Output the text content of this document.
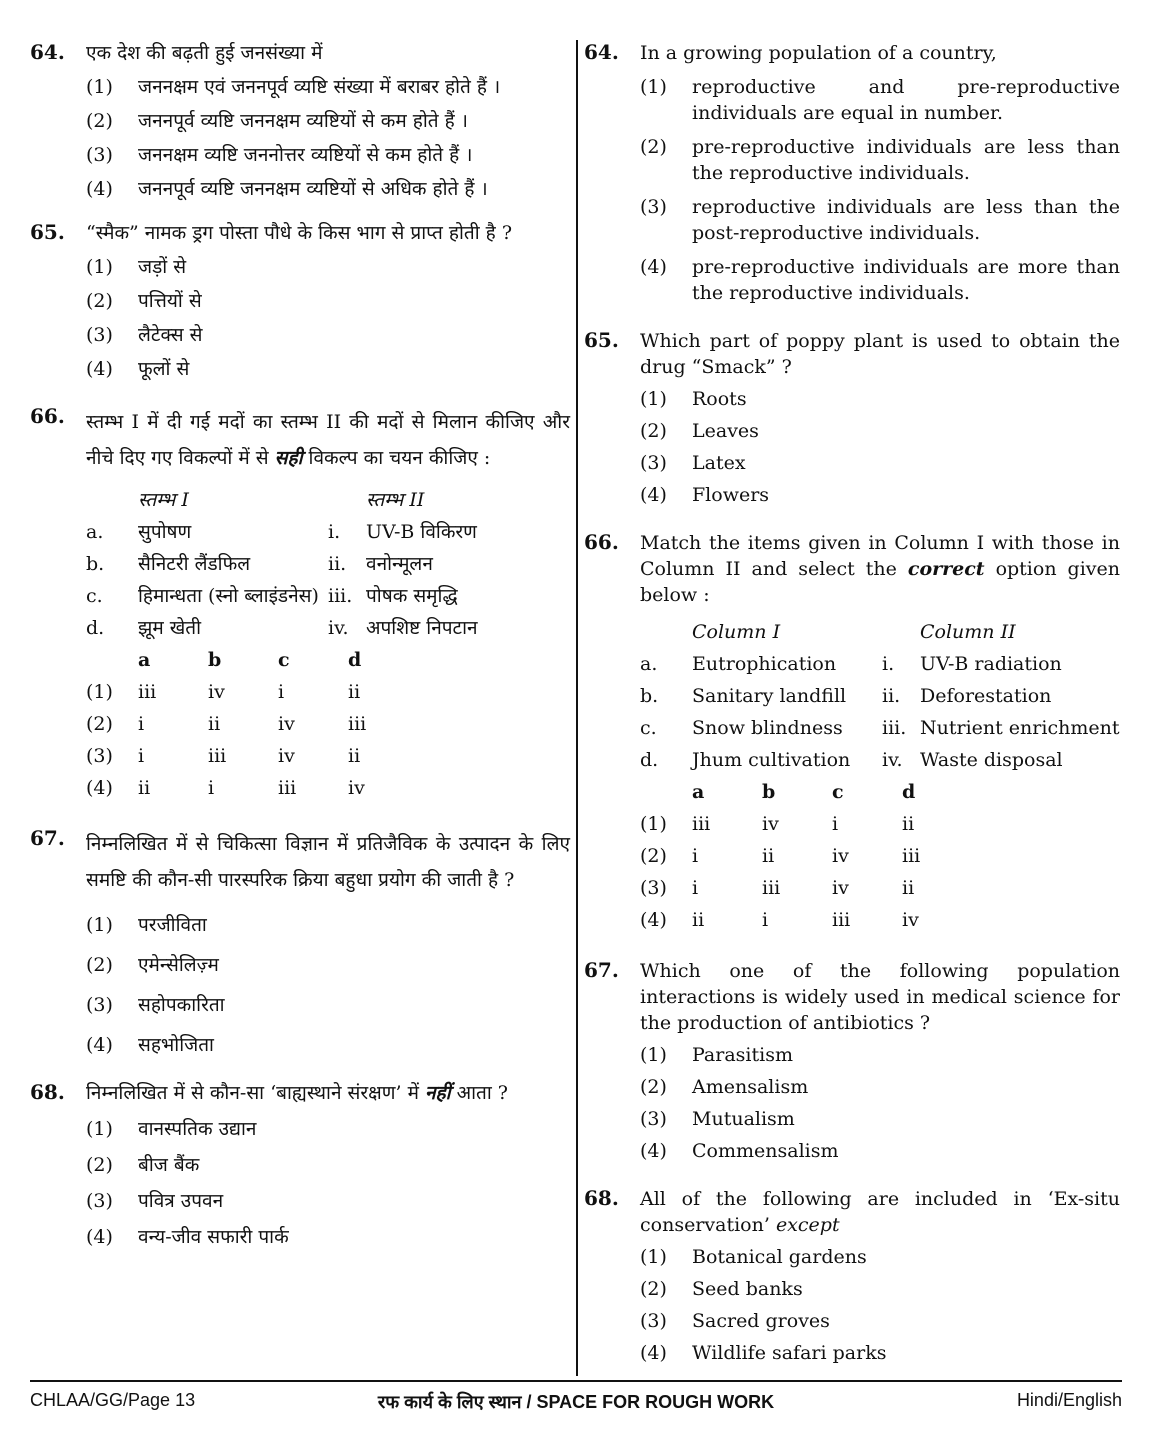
64. एक देश की बढ़ती हुई जनसंख्या में
(1)	जननक्षम एवं जननपूर्व व्यष्टि संख्या में बराबर होते हैं ।
(2)	जननपूर्व व्यष्टि जननक्षम व्यष्टियों से कम होते हैं ।
(3)	जननक्षम व्यष्टि जननोत्तर व्यष्टियों से कम होते हैं ।
(4)	जननपूर्व व्यष्टि जननक्षम व्यष्टियों से अधिक होते हैं ।
65. “स्मैक” नामक ड्रग पोस्ता पौधे के किस भाग से प्राप्त होती है ?
(1)	जड़ों से
(2)	पत्तियों से
(3)	लैटेक्स से
(4)	फूलों से
66. स्तम्भ I में दी गई मदों का स्तम्भ II की मदों से मिलान कीजिए और नीचे दिए गए विकल्पों में से सही विकल्प का चयन कीजिए :
स्तम्भ I	स्तम्भ II
a.	सुपोषण	i.	UV-B विकिरण
b.	सैनिटरी लैंडफिल	ii.	वनोन्मूलन
c.	हिमान्धता (स्नो ब्लाइंडनेस) iii. पोषक समृद्धि
d.	झूम खेती	iv. अपशिष्ट निपटान
a	b	c	d
(1)	iii	iv	i	ii
(2)	i	ii	iv	iii
(3)	i	iii	iv	ii
(4)	ii	i	iii	iv
67. निम्नलिखित में से चिकित्सा विज्ञान में प्रतिजैविक के उत्पादन के लिए समष्टि की कौन-सी पारस्परिक क्रिया बहुधा प्रयोग की जाती है ?
(1)	परजीविता
(2)	एमेन्सेलिज़्म
(3)	सहोपकारिता
(4)	सहभोजिता
68. निम्नलिखित में से कौन-सा ‘बाह्यस्थाने संरक्षण’ में नहीं आता ?
(1)	वानस्पतिक उद्यान
(2)	बीज बैंक
(3)	पवित्र उपवन
(4)	वन्य-जीव सफारी पार्क
64. In a growing population of a country,
(1)	reproductive and pre-reproductive individuals are equal in number.
(2)	pre-reproductive individuals are less than the reproductive individuals.
(3)	reproductive individuals are less than the post-reproductive individuals.
(4)	pre-reproductive individuals are more than the reproductive individuals.
65. Which part of poppy plant is used to obtain the drug “Smack” ?
(1)	Roots
(2)	Leaves
(3)	Latex
(4)	Flowers
66. Match the items given in Column I with those in Column II and select the correct option given below :
Column I	Column II
a.	Eutrophication	i.	UV-B radiation
b.	Sanitary landfill	ii.	Deforestation
c.	Snow blindness	iii. Nutrient enrichment
d.	Jhum cultivation	iv. Waste disposal
a	b	c	d
(1)	iii	iv	i	ii
(2)	i	ii	iv	iii
(3)	i	iii	iv	ii
(4)	ii	i	iii	iv
67. Which one of the following population interactions is widely used in medical science for the production of antibiotics ?
(1)	Parasitism
(2)	Amensalism
(3)	Mutualism
(4)	Commensalism
68. All of the following are included in ‘Ex-situ conservation’ except
(1)	Botanical gardens
(2)	Seed banks
(3)	Sacred groves
(4)	Wildlife safari parks
CHLAA/GG/Page 13	रफ कार्य के लिए स्थान / SPACE FOR ROUGH WORK	Hindi/English
